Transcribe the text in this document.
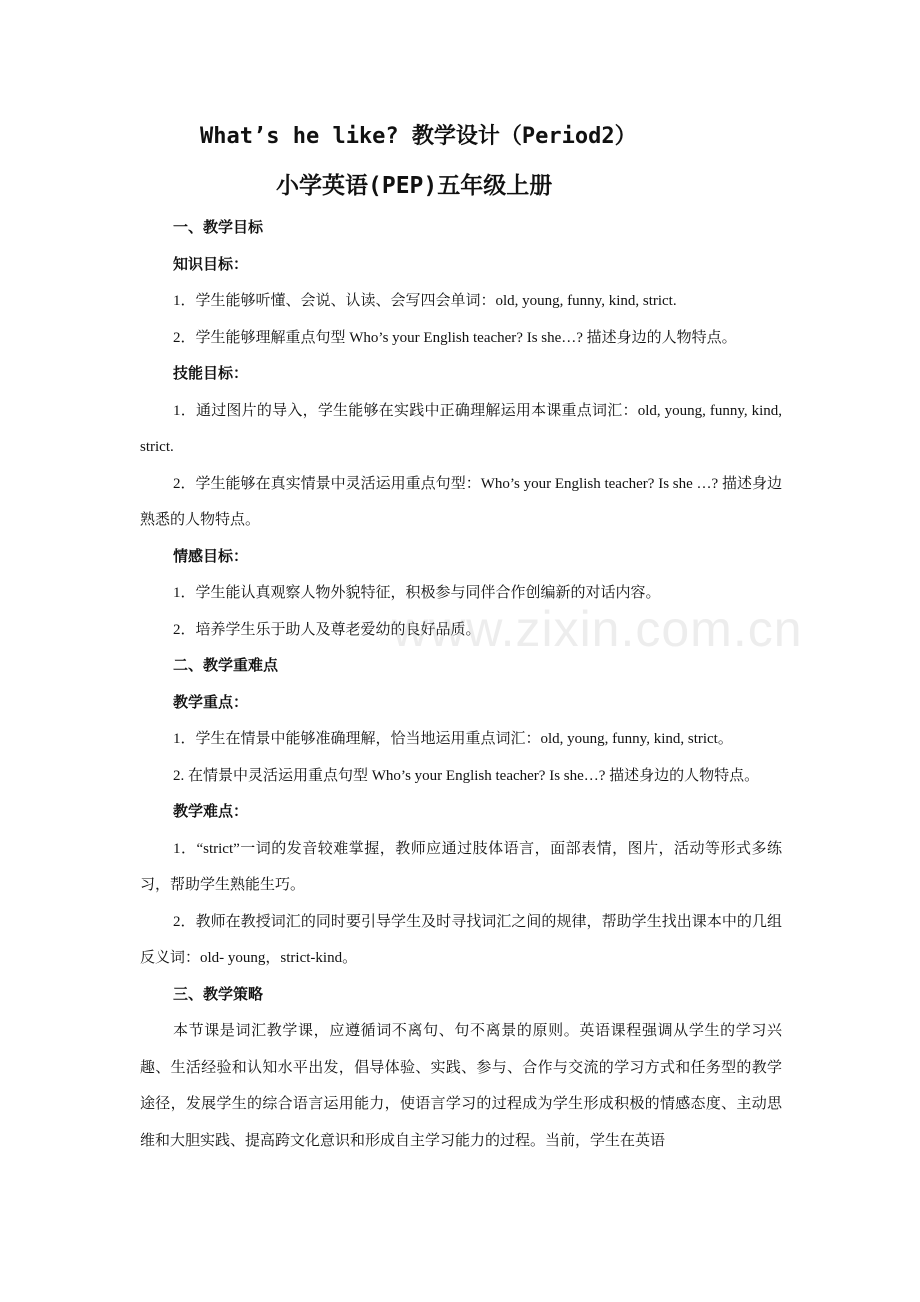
What’s he like? 教学设计（Period2）
小学英语(PEP)五年级上册

一、教学目标

知识目标：

1．学生能够听懂、会说、认读、会写四会单词：old, young, funny, kind, strict.

2．学生能够理解重点句型 Who’s your English teacher? Is she…? 描述身边的人物特点。

技能目标：

1．通过图片的导入，学生能够在实践中正确理解运用本课重点词汇：old, young, funny, kind, strict.

2．学生能够在真实情景中灵活运用重点句型：Who’s your English teacher? Is she …? 描述身边熟悉的人物特点。

情感目标：

1．学生能认真观察人物外貌特征，积极参与同伴合作创编新的对话内容。

2．培养学生乐于助人及尊老爱幼的良好品质。

二、教学重难点

教学重点：

1．学生在情景中能够准确理解，恰当地运用重点词汇：old, young, funny, kind, strict。

2. 在情景中灵活运用重点句型 Who’s your English teacher? Is she…? 描述身边的人物特点。

教学难点：

1．“strict”一词的发音较难掌握，教师应通过肢体语言，面部表情，图片，活动等形式多练习，帮助学生熟能生巧。

2．教师在教授词汇的同时要引导学生及时寻找词汇之间的规律，帮助学生找出课本中的几组反义词：old- young，strict-kind。

三、教学策略

本节课是词汇教学课，应遵循词不离句、句不离景的原则。英语课程强调从学生的学习兴趣、生活经验和认知水平出发，倡导体验、实践、参与、合作与交流的学习方式和任务型的教学途径，发展学生的综合语言运用能力，使语言学习的过程成为学生形成积极的情感态度、主动思维和大胆实践、提高跨文化意识和形成自主学习能力的过程。当前，学生在英语

www.zixin.com.cn
